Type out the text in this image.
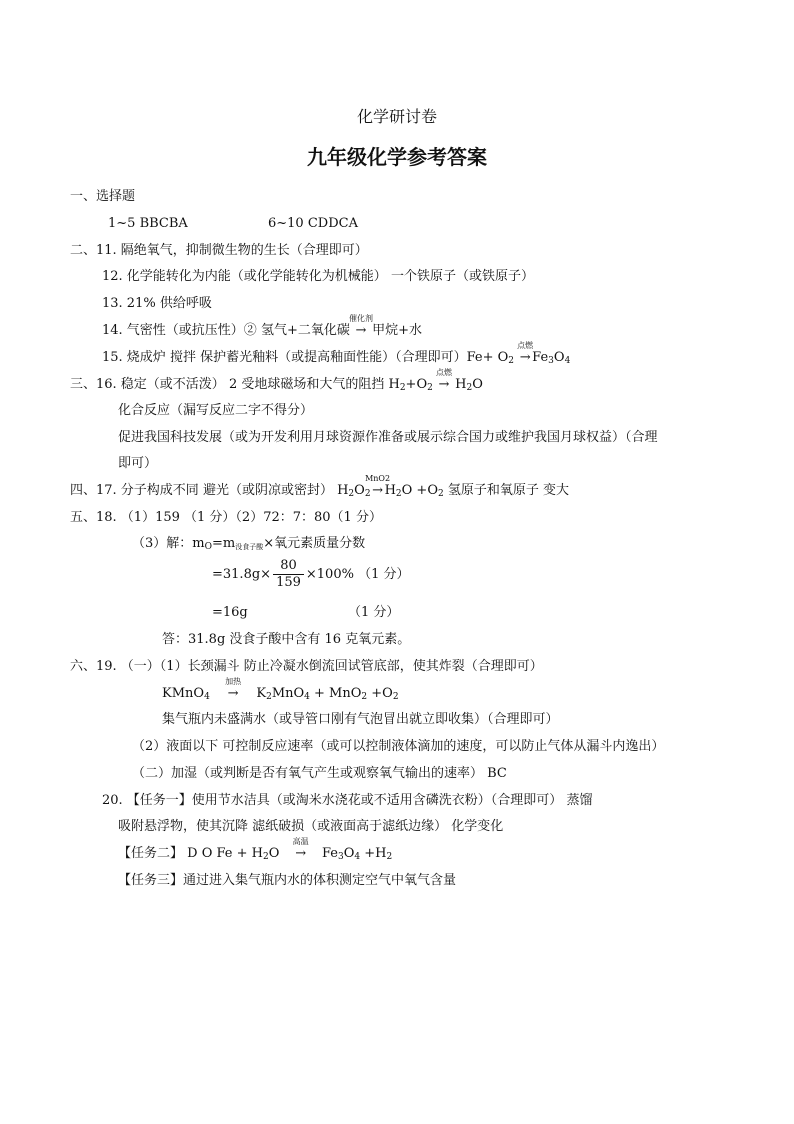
化学研讨卷
九年级化学参考答案
一、选择题
1~5 BBCBA	6~10 CDDCA
二、11. 隔绝氧气，抑制微生物的生长（合理即可）
12. 化学能转化为内能（或化学能转化为机械能） 一个铁原子（或铁原子）
13. 21% 供给呼吸
14. 气密性（或抗压性）② 氢气+二氧化碳
催化剂
→ 甲烷+水
15. 烧成炉 搅拌 保护蓄光釉料（或提高釉面性能）（合理即可）$Fe+ O_2$
点燃
→ $Fe_3O_4$
三、16. 稳定（或不活泼） 2 受地球磁场和大气的阻挡 $H_2+O_2$
点燃
→ $H_2O$
化合反应（漏写反应二字不得分）
促进我国科技发展（或为开发利用月球资源作准备或展示综合国力或维护我国月球权益）（合理
即可）
四、17. 分子构成不同 避光（或阴凉或密封） $H_2O_2$
MnO2
→ $H_2O +O_2$ 氢原子和氧原子 变大
五、18. （1）159 （1 分）（2）72：7：80（1 分）
（3）解：$m_O=m_{没食子酸}\times$氧元素质量分数
$=31.8g\times \frac{80}{159} \times 100\%$ （1 分）
=16g	（1 分）
答：31.8g 没食子酸中含有 16 克氧元素。
六、19. （一）（1）长颈漏斗 防止冷凝水倒流回试管底部，使其炸裂（合理即可）
KMnO$_4$
加热
→ $K_2MnO_4 + MnO_2 +O_2$
集气瓶内未盛满水（或导管口刚有气泡冒出就立即收集）（合理即可）
（2）液面以下 可控制反应速率（或可以控制液体滴加的速度，可以防止气体从漏斗内逸出）
（二）加湿（或判断是否有氧气产生或观察氧气输出的速率） BC
20. 【任务一】使用节水洁具（或淘米水浇花或不适用含磷洗衣粉）（合理即可） 蒸馏
吸附悬浮物，使其沉降 滤纸破损（或液面高于滤纸边缘） 化学变化
【任务二】 D O $Fe + H_2O$
高温
→ $Fe_3O_4 +H_2$
【任务三】通过进入集气瓶内水的体积测定空气中氧气含量
